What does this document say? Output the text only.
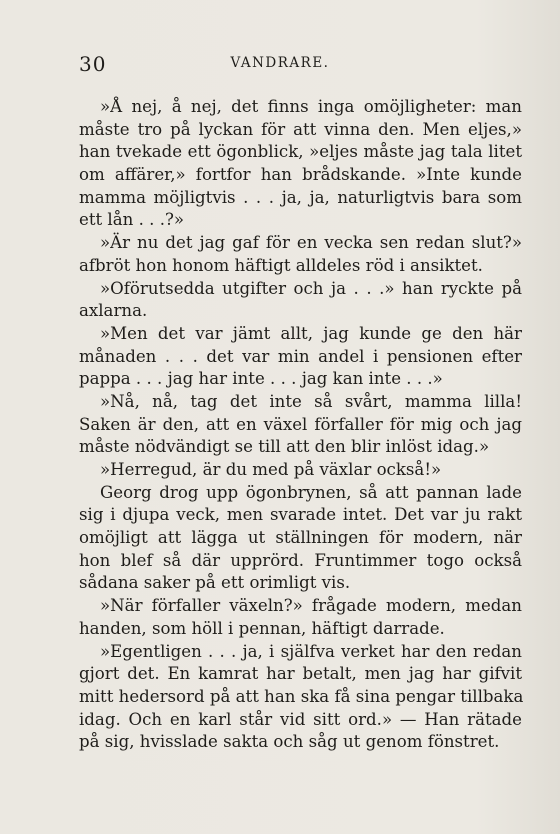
30	VANDRARE.
»Å nej, å nej, det finns inga omöjligheter: man
måste tro på lyckan för att vinna den. Men eljes,»
han tvekade ett ögonblick, »eljes måste jag tala litet
om affärer,» fortfor han brådskande. »Inte kunde
mamma möjligtvis . . . ja, ja, naturligtvis bara som
ett lån . . .?»
»Är nu det jag gaf för en vecka sen redan slut?»
afbröt hon honom häftigt alldeles röd i ansiktet.
»Oförutsedda utgifter och ja . . .» han ryckte på
axlarna.
»Men det var jämt allt, jag kunde ge den här
månaden . . . det var min andel i pensionen efter
pappa . . . jag har inte . . . jag kan inte . . .»
»Nå, nå, tag det inte så svårt, mamma lilla!
Saken är den, att en växel förfaller för mig och jag
måste nödvändigt se till att den blir inlöst idag.»
»Herregud, är du med på växlar också!»
Georg drog upp ögonbrynen, så att pannan lade
sig i djupa veck, men svarade intet. Det var ju rakt
omöjligt att lägga ut ställningen för modern, när
hon blef så där upprörd. Fruntimmer togo också
sådana saker på ett orimligt vis.
»När förfaller växeln?» frågade modern, medan
handen, som höll i pennan, häftigt darrade.
»Egentligen . . . ja, i själfva verket har den redan
gjort det. En kamrat har betalt, men jag har gifvit
mitt hedersord på att han ska få sina pengar tillbaka
idag. Och en karl står vid sitt ord.» — Han rätade
på sig, hvisslade sakta och såg ut genom fönstret.
